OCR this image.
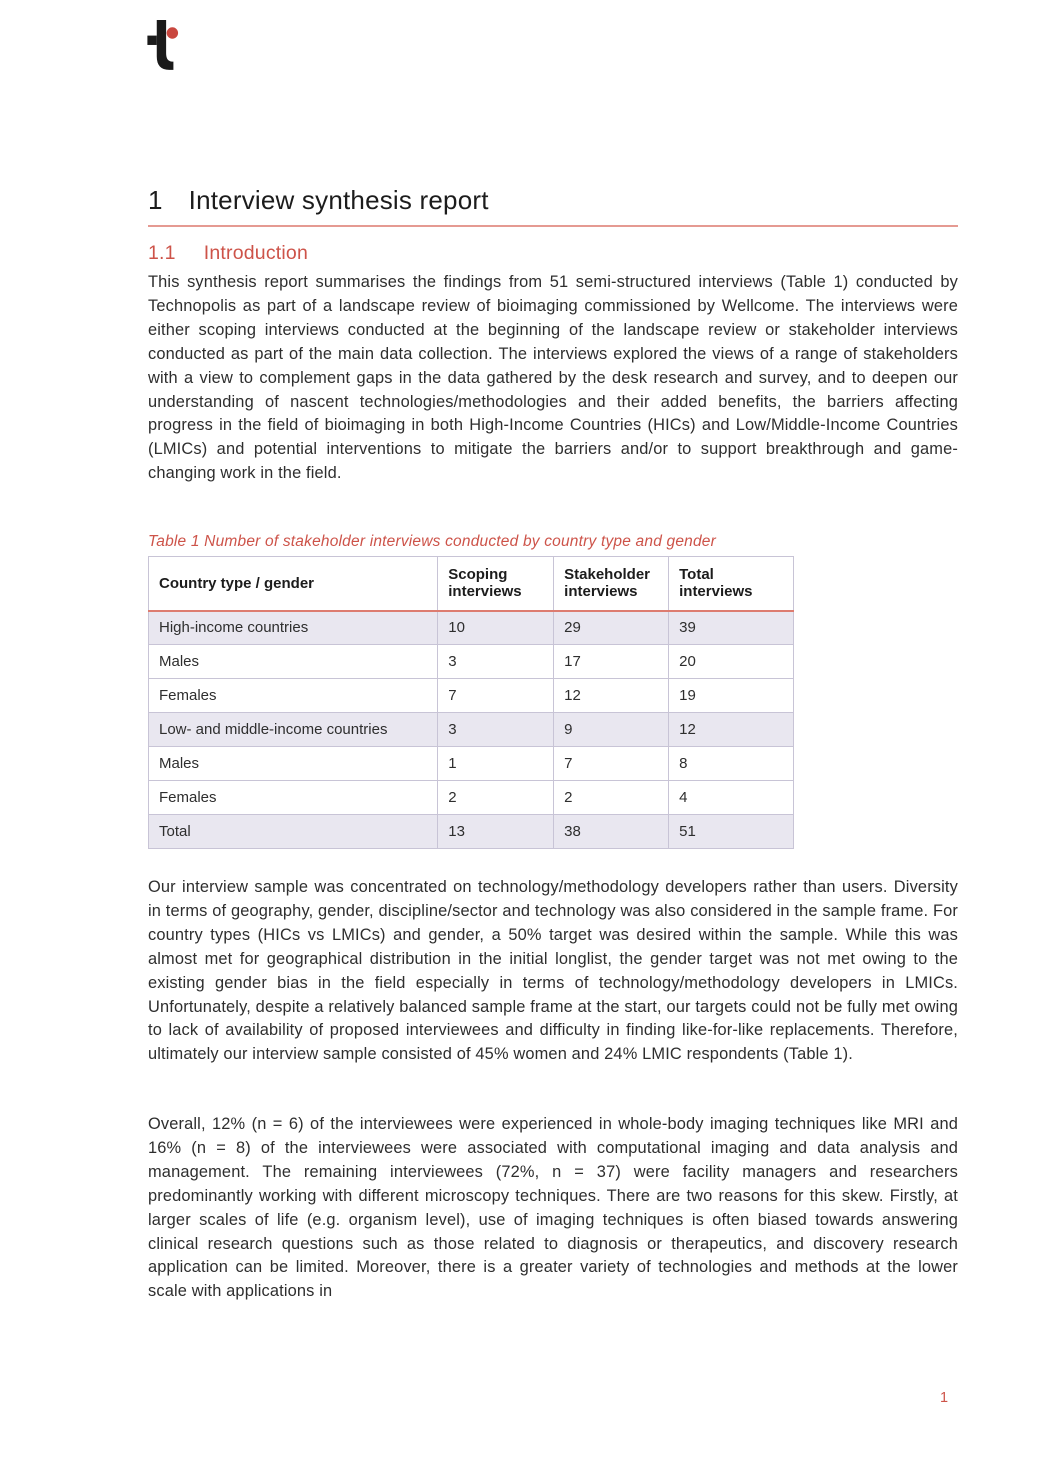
1 Interview synthesis report
1.1 Introduction

This synthesis report summarises the findings from 51 semi-structured interviews (Table 1) conducted by Technopolis as part of a landscape review of bioimaging commissioned by Wellcome. The interviews were either scoping interviews conducted at the beginning of the landscape review or stakeholder interviews conducted as part of the main data collection. The interviews explored the views of a range of stakeholders with a view to complement gaps in the data gathered by the desk research and survey, and to deepen our understanding of nascent technologies/methodologies and their added benefits, the barriers affecting progress in the field of bioimaging in both High-Income Countries (HICs) and Low/Middle-Income Countries (LMICs) and potential interventions to mitigate the barriers and/or to support breakthrough and game-changing work in the field.

Table 1 Number of stakeholder interviews conducted by country type and gender
Country type / gender	Scoping interviews	Stakeholder interviews	Total interviews
High-income countries	10	29	39
Males	3	17	20
Females	7	12	19
Low- and middle-income countries	3	9	12
Males	1	7	8
Females	2	2	4
Total	13	38	51

Our interview sample was concentrated on technology/methodology developers rather than users. Diversity in terms of geography, gender, discipline/sector and technology was also considered in the sample frame. For country types (HICs vs LMICs) and gender, a 50% target was desired within the sample. While this was almost met for geographical distribution in the initial longlist, the gender target was not met owing to the existing gender bias in the field especially in terms of technology/methodology developers in LMICs. Unfortunately, despite a relatively balanced sample frame at the start, our targets could not be fully met owing to lack of availability of proposed interviewees and difficulty in finding like-for-like replacements. Therefore, ultimately our interview sample consisted of 45% women and 24% LMIC respondents (Table 1).

Overall, 12% (n = 6) of the interviewees were experienced in whole-body imaging techniques like MRI and 16% (n = 8) of the interviewees were associated with computational imaging and data analysis and management. The remaining interviewees (72%, n = 37) were facility managers and researchers predominantly working with different microscopy techniques. There are two reasons for this skew. Firstly, at larger scales of life (e.g. organism level), use of imaging techniques is often biased towards answering clinical research questions such as those related to diagnosis or therapeutics, and discovery research application can be limited. Moreover, there is a greater variety of technologies and methods at the lower scale with applications in

1
